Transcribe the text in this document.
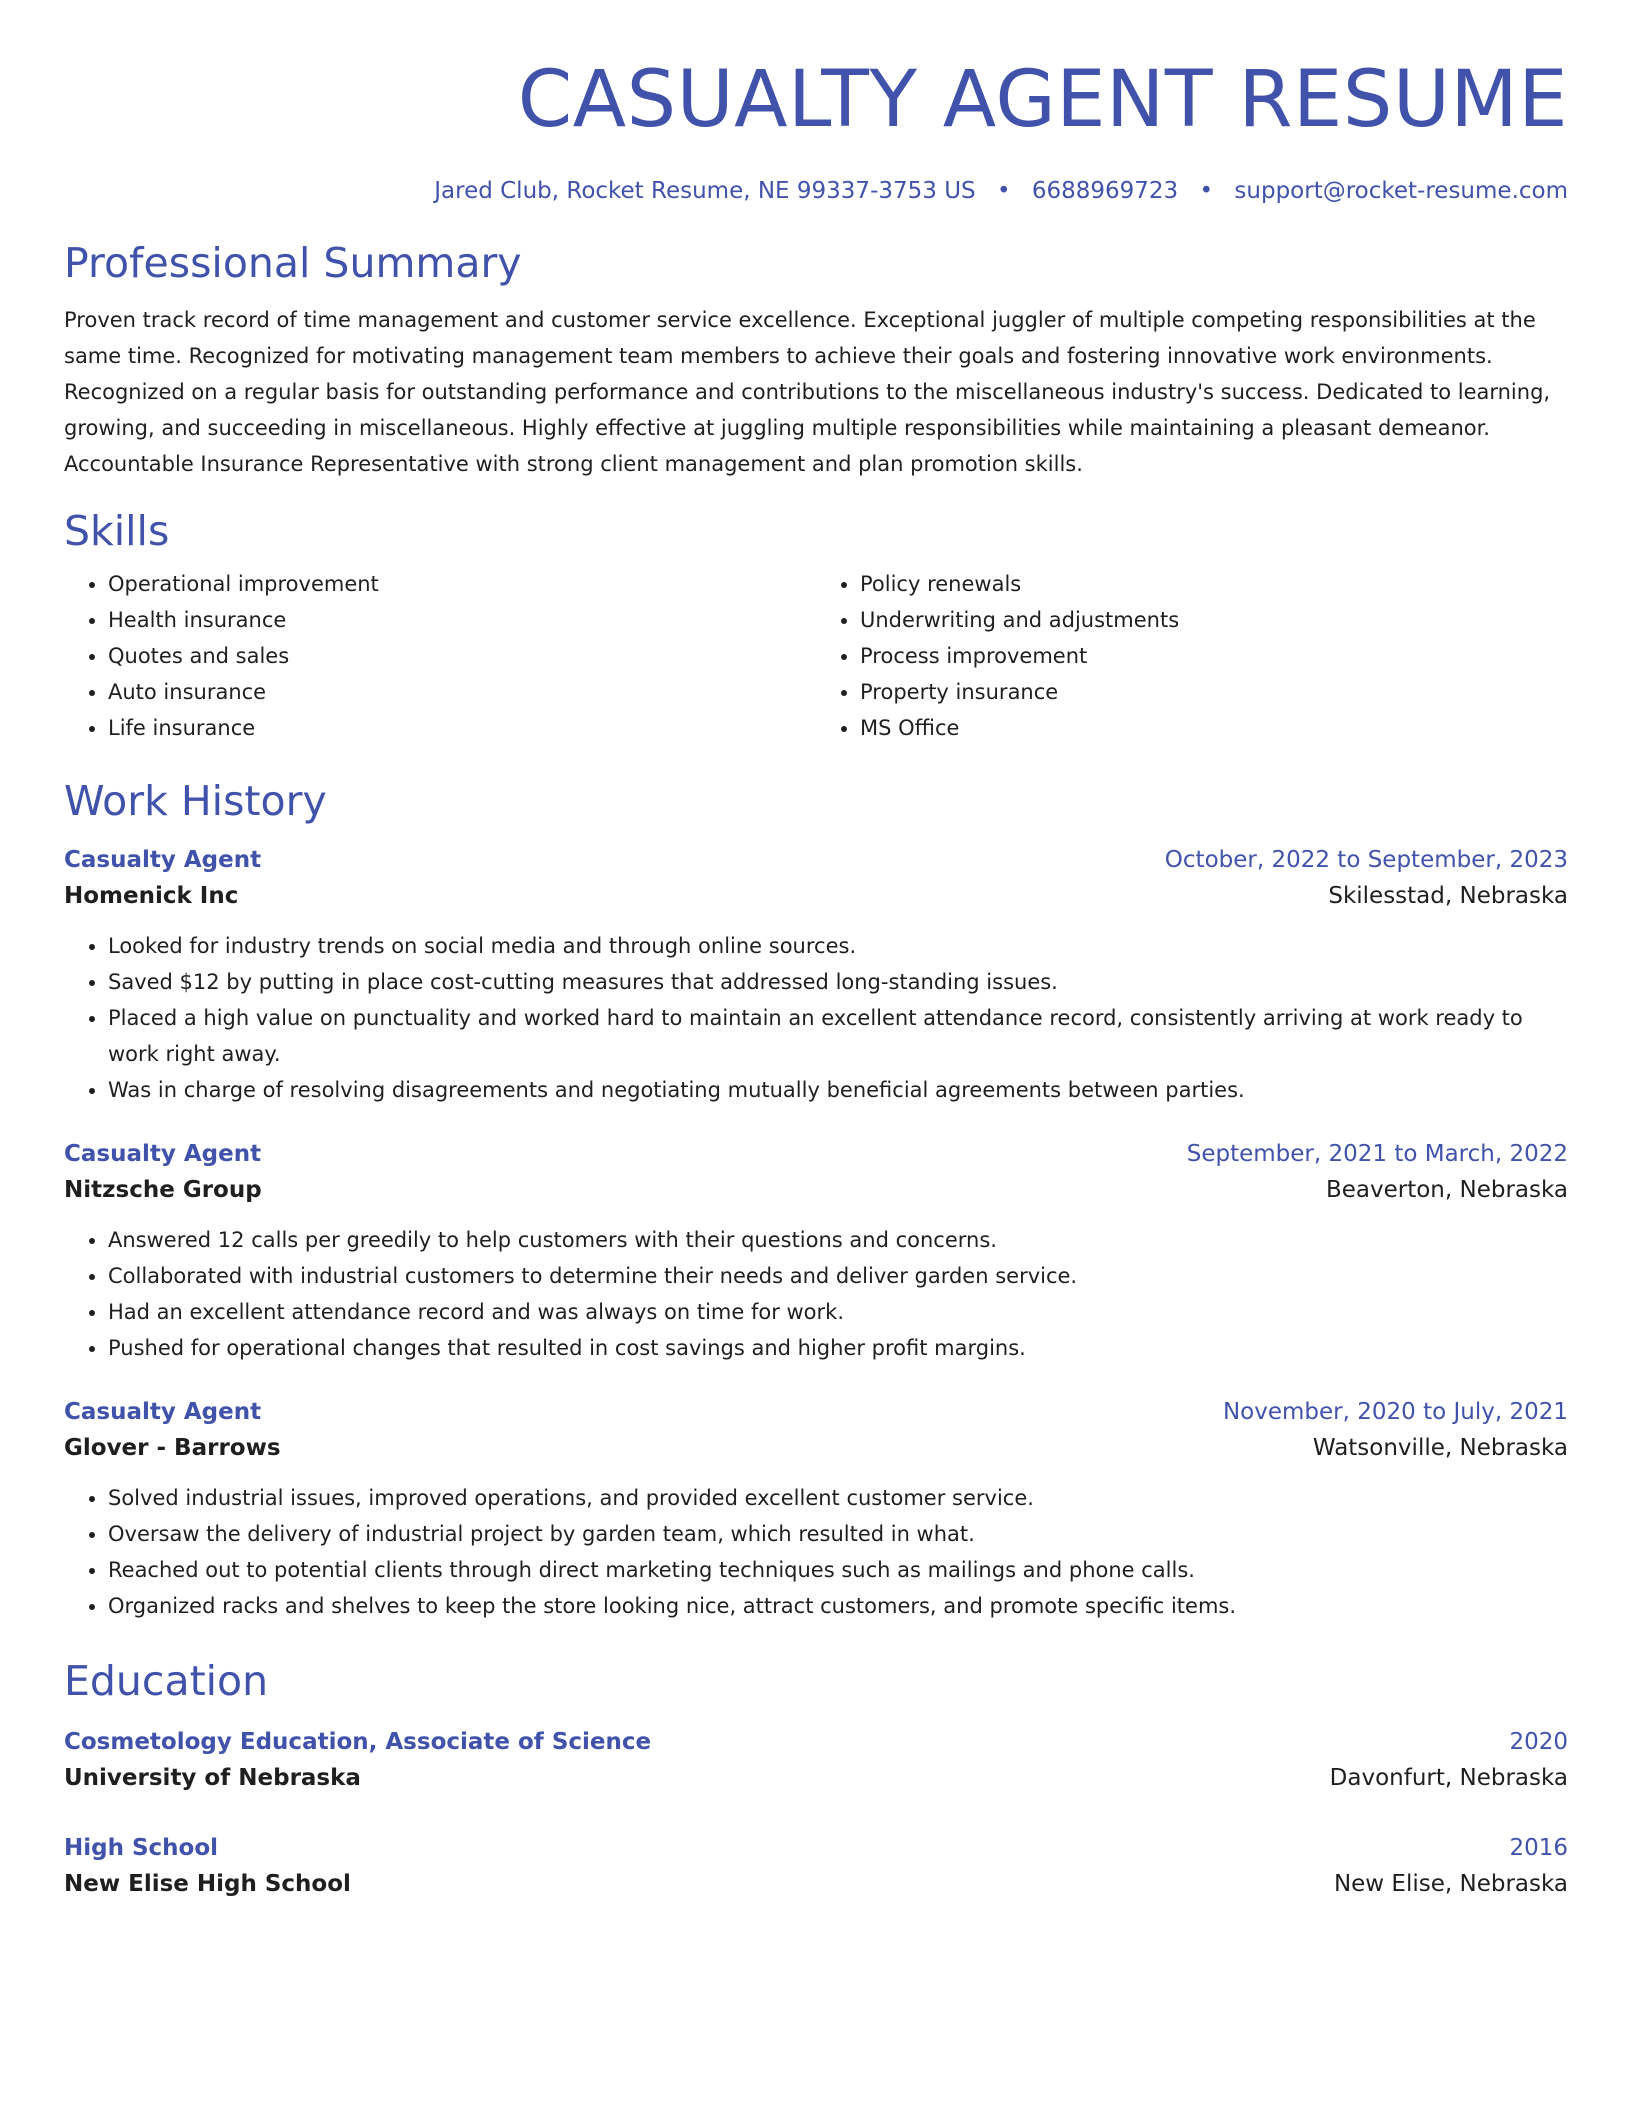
CASUALTY AGENT RESUME
Jared Club, Rocket Resume, NE 99337-3753 US • 6688969723 • support@rocket-resume.com
Professional Summary

Proven track record of time management and customer service excellence. Exceptional juggler of multiple competing responsibilities at the same time. Recognized for motivating management team members to achieve their goals and fostering innovative work environments. Recognized on a regular basis for outstanding performance and contributions to the miscellaneous industry's success. Dedicated to learning, growing, and succeeding in miscellaneous. Highly effective at juggling multiple responsibilities while maintaining a pleasant demeanor. Accountable Insurance Representative with strong client management and plan promotion skills.

Skills
• Operational improvement
• Health insurance
• Quotes and sales
• Auto insurance
• Life insurance
• Policy renewals
• Underwriting and adjustments
• Process improvement
• Property insurance
• MS Office
Work History
Casualty Agent	October, 2022 to September, 2023
Homenick Inc	Skilesstad, Nebraska
• Looked for industry trends on social media and through online sources.
• Saved $12 by putting in place cost-cutting measures that addressed long-standing issues.
• Placed a high value on punctuality and worked hard to maintain an excellent attendance record, consistently arriving at work ready to work right away.
• Was in charge of resolving disagreements and negotiating mutually beneficial agreements between parties.
Casualty Agent	September, 2021 to March, 2022
Nitzsche Group	Beaverton, Nebraska
• Answered 12 calls per greedily to help customers with their questions and concerns.
• Collaborated with industrial customers to determine their needs and deliver garden service.
• Had an excellent attendance record and was always on time for work.
• Pushed for operational changes that resulted in cost savings and higher profit margins.
Casualty Agent	November, 2020 to July, 2021
Glover - Barrows	Watsonville, Nebraska
• Solved industrial issues, improved operations, and provided excellent customer service.
• Oversaw the delivery of industrial project by garden team, which resulted in what.
• Reached out to potential clients through direct marketing techniques such as mailings and phone calls.
• Organized racks and shelves to keep the store looking nice, attract customers, and promote specific items.
Education
Cosmetology Education, Associate of Science	2020
University of Nebraska	Davonfurt, Nebraska
High School	2016
New Elise High School	New Elise, Nebraska
